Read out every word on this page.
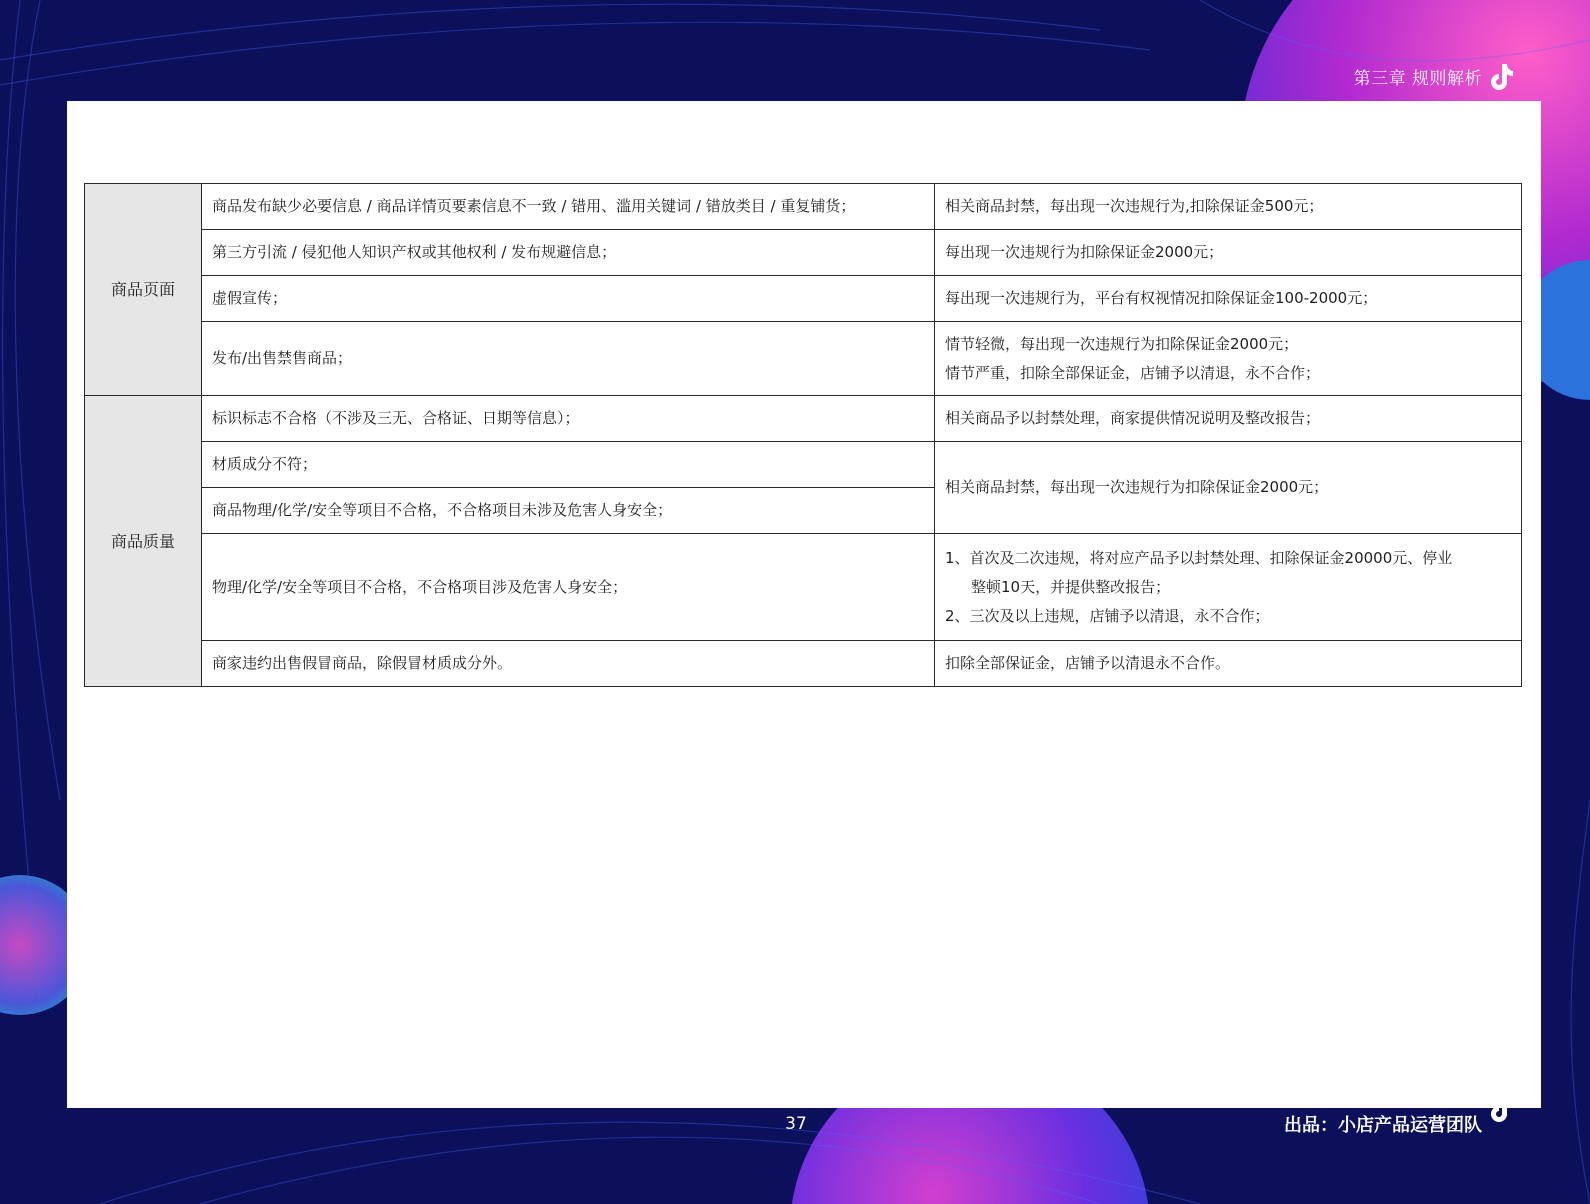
第三章 规则解析
商品页面	商品发布缺少必要信息 / 商品详情页要素信息不一致 / 错用、滥用关键词 / 错放类目 / 重复铺货；	相关商品封禁，每出现一次违规行为,扣除保证金500元；
	第三方引流 / 侵犯他人知识产权或其他权利 / 发布规避信息；	每出现一次违规行为扣除保证金2000元；
	虚假宣传；	每出现一次违规行为，平台有权视情况扣除保证金100-2000元；
	发布/出售禁售商品；	情节轻微，每出现一次违规行为扣除保证金2000元；
情节严重，扣除全部保证金，店铺予以清退，永不合作；

商品质量	标识标志不合格（不涉及三无、合格证、日期等信息）；	相关商品予以封禁处理，商家提供情况说明及整改报告；
	材质成分不符；	相关商品封禁，每出现一次违规行为扣除保证金2000元；
	商品物理/化学/安全等项目不合格，不合格项目未涉及危害人身安全；	
	物理/化学/安全等项目不合格，不合格项目涉及危害人身安全；	1、首次及二次违规，将对应产品予以封禁处理、扣除保证金20000元、停业
整顿10天，并提供整改报告；
2、三次及以上违规，店铺予以清退，永不合作；

	商家违约出售假冒商品，除假冒材质成分外。	扣除全部保证金，店铺予以清退永不合作。
37	出品：小店产品运营团队
